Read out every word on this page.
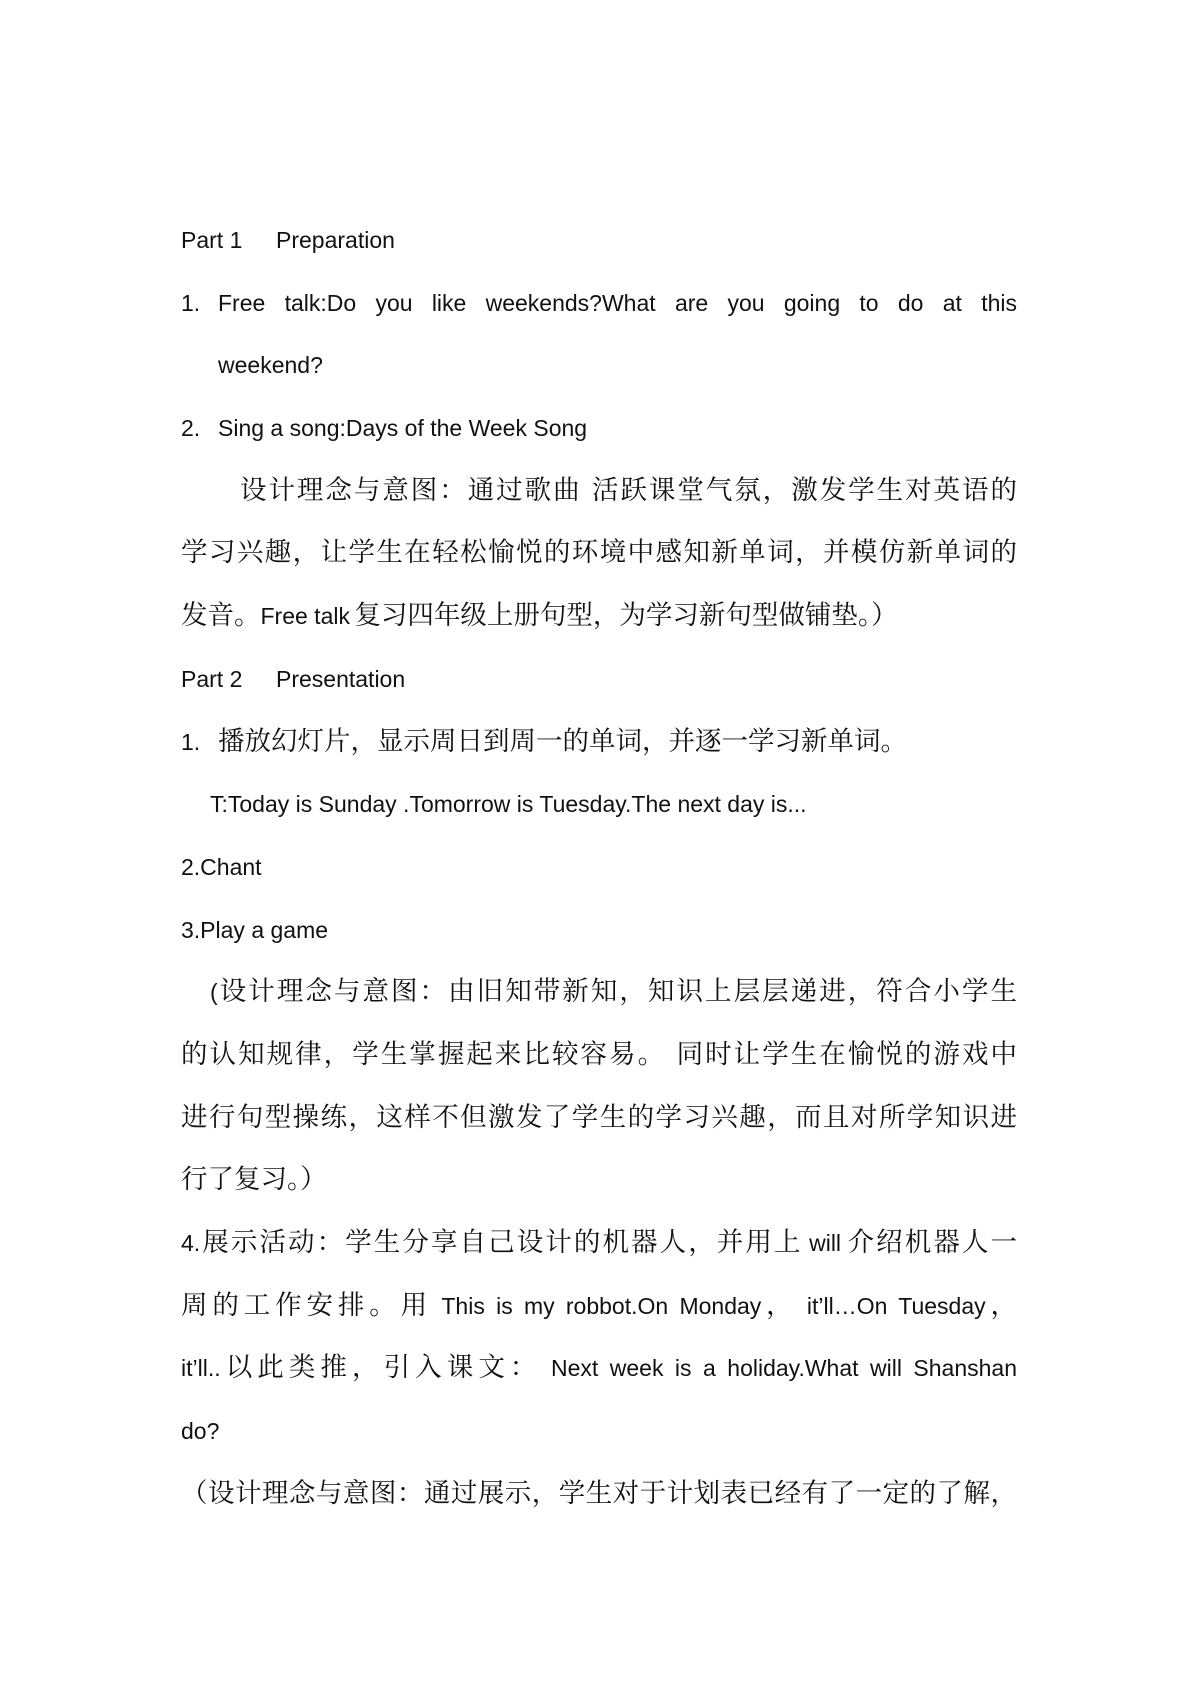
Part 1 Preparation
1. Free talk:Do you like weekends?What are you going to do at this
weekend?
2. Sing a song:Days of the Week Song
设计理念与意图：通过歌曲 活跃课堂气氛，激发学生对英语的
学习兴趣，让学生在轻松愉悦的环境中感知新单词，并模仿新单词的
发音。Free talk 复习四年级上册句型，为学习新句型做铺垫。）
Part 2 Presentation
1. 播放幻灯片，显示周日到周一的单词，并逐一学习新单词。
T:Today is Sunday .Tomorrow is Tuesday.The next day is...
2.Chant
3.Play a game
(设计理念与意图：由旧知带新知，知识上层层递进，符合小学生
的认知规律，学生掌握起来比较容易。 同时让学生在愉悦的游戏中
进行句型操练，这样不但激发了学生的学习兴趣，而且对所学知识进
行了复习。）
4.展示活动：学生分享自己设计的机器人，并用上 will 介绍机器人一
周的工作安排。用 This is my robbot.On Monday， it’ll…On Tuesday，
it’ll..以此类推，引入课文： Next week is a holiday.What will Shanshan
do?
（设计理念与意图：通过展示，学生对于计划表已经有了一定的了解，
